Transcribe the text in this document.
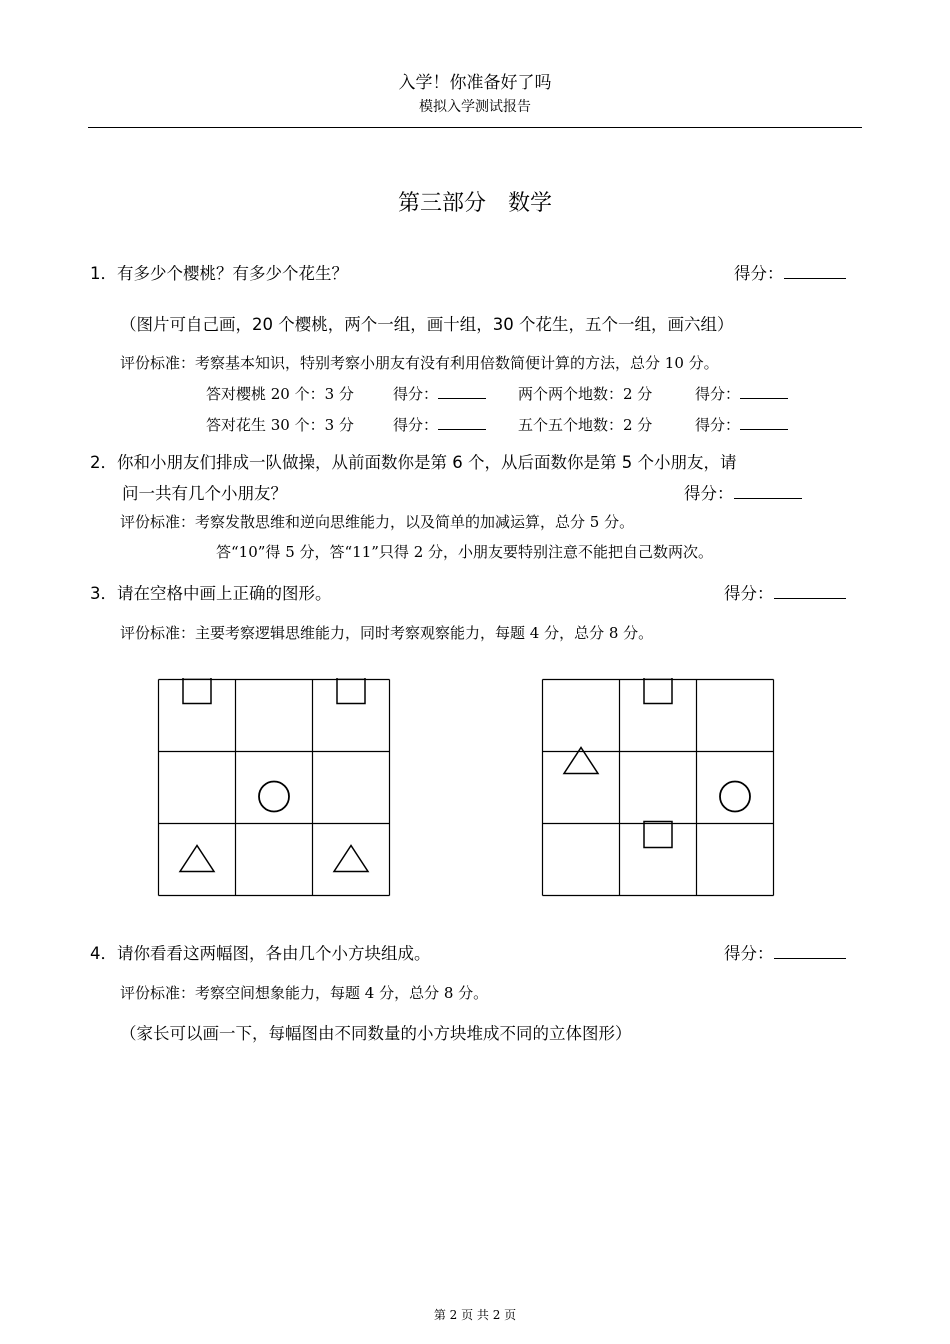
入学！你准备好了吗
模拟入学测试报告
第三部分　数学
1．有多少个樱桃？有多少个花生？	得分：
（图片可自己画，20 个樱桃，两个一组，画十组，30 个花生，五个一组，画六组）
评份标准：考察基本知识，特别考察小朋友有没有利用倍数简便计算的方法，总分 10 分。
答对樱桃 20 个：3 分	得分：	两个两个地数：2 分	得分：
答对花生 30 个：3 分	得分：	五个五个地数：2 分	得分：
2．你和小朋友们排成一队做操，从前面数你是第 6 个，从后面数你是第 5 个小朋友，请
问一共有几个小朋友？	得分：
评份标准：考察发散思维和逆向思维能力，以及简单的加减运算，总分 5 分。
答“10”得 5 分，答“11”只得 2 分，小朋友要特别注意不能把自己数两次。
3．请在空格中画上正确的图形。	得分：
评份标准：主要考察逻辑思维能力，同时考察观察能力，每题 4 分，总分 8 分。
4．请你看看这两幅图，各由几个小方块组成。	得分：
评份标准：考察空间想象能力，每题 4 分，总分 8 分。
（家长可以画一下，每幅图由不同数量的小方块堆成不同的立体图形）
第 2 页 共 2 页
